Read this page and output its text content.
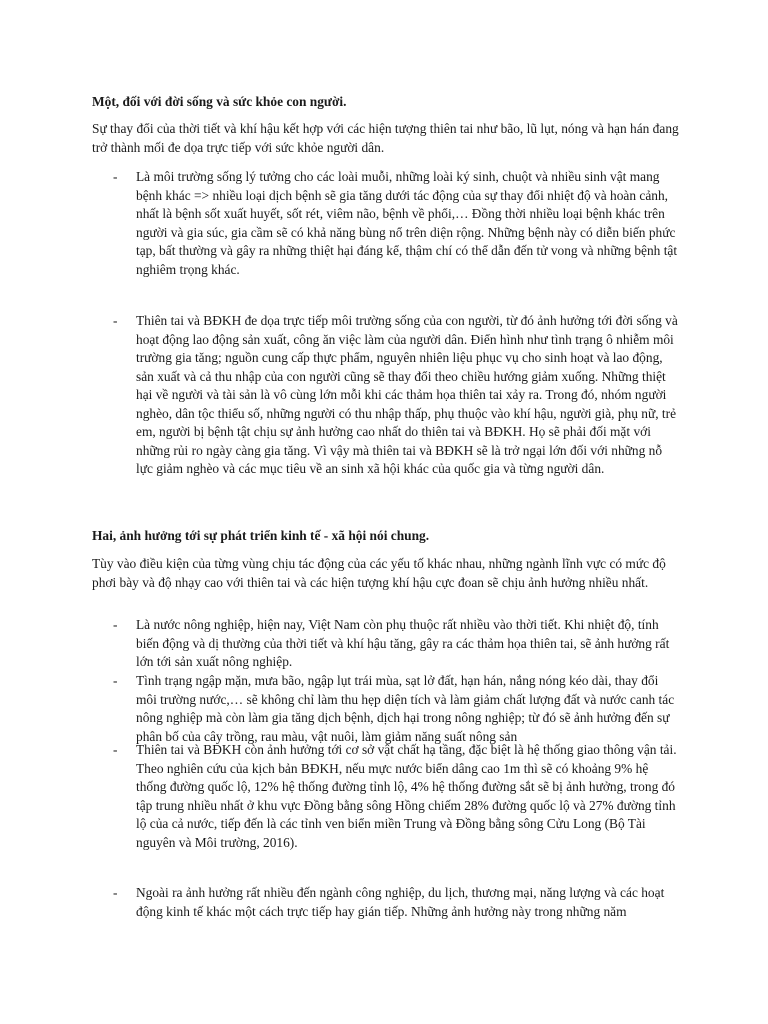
Một, đối với đời sống và sức khỏe con người.

Sự thay đổi của thời tiết và khí hậu kết hợp với các hiện tượng thiên tai như bão, lũ lụt, nóng và hạn hán đang trở thành mối đe dọa trực tiếp với sức khỏe người dân.

- Là môi trường sống lý tưởng cho các loài muỗi, những loài ký sinh, chuột và nhiều sinh vật mang bệnh khác => nhiều loại dịch bệnh sẽ gia tăng dưới tác động của sự thay đổi nhiệt độ và hoàn cảnh, nhất là bệnh sốt xuất huyết, sốt rét, viêm não, bệnh về phổi,… Đồng thời nhiều loại bệnh khác trên người và gia súc, gia cầm sẽ có khả năng bùng nổ trên diện rộng. Những bệnh này có diễn biến phức tạp, bất thường và gây ra những thiệt hại đáng kể, thậm chí có thể dẫn đến tử vong và những bệnh tật nghiêm trọng khác.
- Thiên tai và BĐKH đe dọa trực tiếp môi trường sống của con người, từ đó ảnh hưởng tới đời sống và hoạt động lao động sản xuất, công ăn việc làm của người dân. Điển hình như tình trạng ô nhiễm môi trường gia tăng; nguồn cung cấp thực phẩm, nguyên nhiên liệu phục vụ cho sinh hoạt và lao động, sản xuất và cả thu nhập của con người cũng sẽ thay đổi theo chiều hướng giảm xuống. Những thiệt hại về người và tài sản là vô cùng lớn mỗi khi các thảm họa thiên tai xảy ra. Trong đó, nhóm người nghèo, dân tộc thiểu số, những người có thu nhập thấp, phụ thuộc vào khí hậu, người già, phụ nữ, trẻ em, người bị bệnh tật chịu sự ảnh hưởng cao nhất do thiên tai và BĐKH. Họ sẽ phải đối mặt với những rủi ro ngày càng gia tăng. Vì vậy mà thiên tai và BĐKH sẽ là trở ngại lớn đối với những nỗ lực giảm nghèo và các mục tiêu về an sinh xã hội khác của quốc gia và từng người dân.

Hai, ảnh hưởng tới sự phát triển kinh tế - xã hội nói chung.

Tùy vào điều kiện của từng vùng chịu tác động của các yếu tố khác nhau, những ngành lĩnh vực có mức độ phơi bày và độ nhạy cao với thiên tai và các hiện tượng khí hậu cực đoan sẽ chịu ảnh hưởng nhiều nhất.

- Là nước nông nghiệp, hiện nay, Việt Nam còn phụ thuộc rất nhiều vào thời tiết. Khi nhiệt độ, tính biến động và dị thường của thời tiết và khí hậu tăng, gây ra các thảm họa thiên tai, sẽ ảnh hưởng rất lớn tới sản xuất nông nghiệp.
- Tình trạng ngập mặn, mưa bão, ngập lụt trái mùa, sạt lở đất, hạn hán, nắng nóng kéo dài, thay đổi môi trường nước,… sẽ không chỉ làm thu hẹp diện tích và làm giảm chất lượng đất và nước canh tác nông nghiệp mà còn làm gia tăng dịch bệnh, dịch hại trong nông nghiệp; từ đó sẽ ảnh hưởng đến sự phân bố của cây trồng, rau màu, vật nuôi, làm giảm năng suất nông sản
- Thiên tai và BĐKH còn ảnh hưởng tới cơ sở vật chất hạ tầng, đặc biệt là hệ thống giao thông vận tải. Theo nghiên cứu của kịch bản BĐKH, nếu mực nước biển dâng cao 1m thì sẽ có khoảng 9% hệ thống đường quốc lộ, 12% hệ thống đường tỉnh lộ, 4% hệ thống đường sắt sẽ bị ảnh hưởng, trong đó tập trung nhiều nhất ở khu vực Đồng bằng sông Hồng chiếm 28% đường quốc lộ và 27% đường tỉnh lộ của cả nước, tiếp đến là các tỉnh ven biển miền Trung và Đồng bằng sông Cửu Long (Bộ Tài nguyên và Môi trường, 2016).
- Ngoài ra ảnh hưởng rất nhiều đến ngành công nghiệp, du lịch, thương mại, năng lượng và các hoạt động kinh tế khác một cách trực tiếp hay gián tiếp. Những ảnh hưởng này trong những năm
